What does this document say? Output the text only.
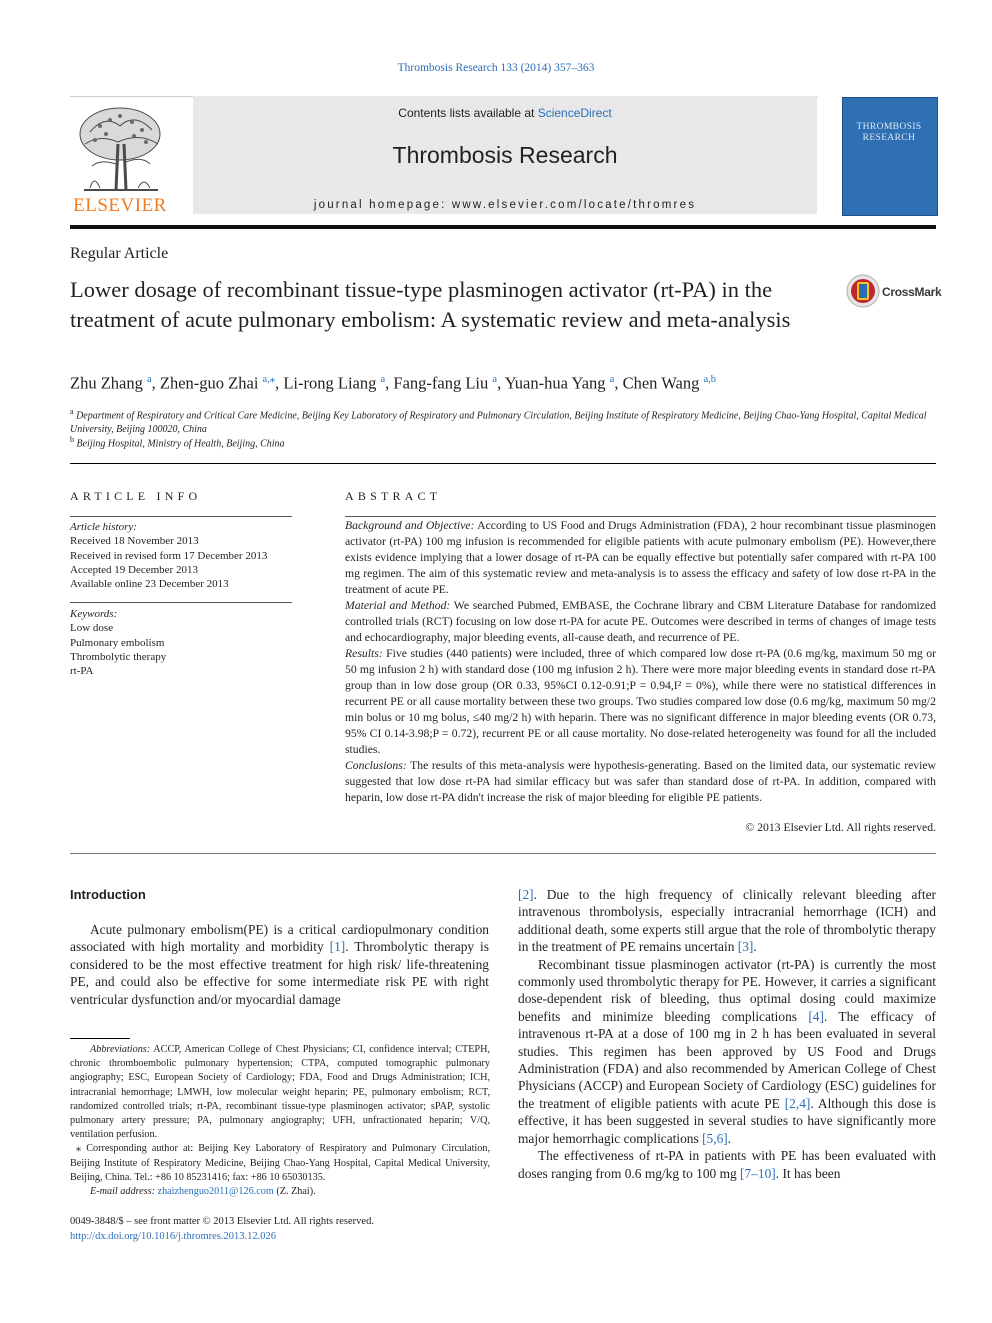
Thrombosis Research 133 (2014) 357–363
Contents lists available at ScienceDirect
Thrombosis Research
journal homepage: www.elsevier.com/locate/thromres
ELSEVIER
THROMBOSIS RESEARCH
Regular Article
Lower dosage of recombinant tissue-type plasminogen activator (rt-PA) in the treatment of acute pulmonary embolism: A systematic review and meta-analysis
CrossMark
Zhu Zhang $^a$, Zhen-guo Zhai $^{a,⁎}$, Li-rong Liang $^a$, Fang-fang Liu $^a$, Yuan-hua Yang $^a$, Chen Wang $^{a,b}$
$^a$ Department of Respiratory and Critical Care Medicine, Beijing Key Laboratory of Respiratory and Pulmonary Circulation, Beijing Institute of Respiratory Medicine, Beijing Chao-Yang Hospital, Capital Medical University, Beijing 100020, China
$^b$ Beijing Hospital, Ministry of Health, Beijing, China
ARTICLE INFO
Article history:
Received 18 November 2013
Received in revised form 17 December 2013
Accepted 19 December 2013
Available online 23 December 2013
Keywords:
Low dose
Pulmonary embolism
Thrombolytic therapy
rt-PA
ABSTRACT

Background and Objective: According to US Food and Drugs Administration (FDA), 2 hour recombinant tissue plasminogen activator (rt-PA) 100 mg infusion is recommended for eligible patients with acute pulmonary embolism (PE). However,there exists evidence implying that a lower dosage of rt-PA can be equally effective but potentially safer compared with rt-PA 100 mg regimen. The aim of this systematic review and meta-analysis is to assess the efficacy and safety of low dose rt-PA in the treatment of acute PE.

Material and Method: We searched Pubmed, EMBASE, the Cochrane library and CBM Literature Database for randomized controlled trials (RCT) focusing on low dose rt-PA for acute PE. Outcomes were described in terms of changes of image tests and echocardiography, major bleeding events, all-cause death, and recurrence of PE.

Results: Five studies (440 patients) were included, three of which compared low dose rt-PA (0.6 mg/kg, maximum 50 mg or 50 mg infusion 2 h) with standard dose (100 mg infusion 2 h). There were more major bleeding events in standard dose rt-PA group than in low dose group (OR 0.33, 95%CI 0.12-0.91;P = 0.94,I² = 0%), while there were no statistical differences in recurrent PE or all cause mortality between these two groups. Two studies compared low dose (0.6 mg/kg, maximum 50 mg/2 min bolus or 10 mg bolus, ≤40 mg/2 h) with heparin. There was no significant difference in major bleeding events (OR 0.73, 95% CI 0.14-3.98;P = 0.72), recurrent PE or all cause mortality. No dose-related heterogeneity was found for all the included studies.

Conclusions: The results of this meta-analysis were hypothesis-generating. Based on the limited data, our systematic review suggested that low dose rt-PA had similar efficacy but was safer than standard dose of rt-PA. In addition, compared with heparin, low dose rt-PA didn't increase the risk of major bleeding for eligible PE patients.

© 2013 Elsevier Ltd. All rights reserved.
Introduction

Acute pulmonary embolism(PE) is a critical cardiopulmonary condition associated with high mortality and morbidity [1]. Thrombolytic therapy is considered to be the most effective treatment for high risk/ life-threatening PE, and could also be effective for some intermediate risk PE with right ventricular dysfunction and/or myocardial damage

Abbreviations: ACCP, American College of Chest Physicians; CI, confidence interval; CTEPH, chronic thromboembolic pulmonary hypertension; CTPA, computed tomographic pulmonary angiography; ESC, European Society of Cardiology; FDA, Food and Drugs Administration; ICH, intracranial hemorrhage; LMWH, low molecular weight heparin; PE, pulmonary embolism; RCT, randomized controlled trials; rt-PA, recombinant tissue-type plasminogen activator; sPAP, systolic pulmonary artery pressure; PA, pulmonary angiography; UFH, unfractionated heparin; V/Q, ventilation perfusion.

⁎ Corresponding author at: Beijing Key Laboratory of Respiratory and Pulmonary Circulation, Beijing Institute of Respiratory Medicine, Beijing Chao-Yang Hospital, Capital Medical University, Beijing, China. Tel.: +86 10 85231416; fax: +86 10 65030135.

E-mail address: zhaizhenguo2011@126.com (Z. Zhai).

0049-3848/$ – see front matter © 2013 Elsevier Ltd. All rights reserved.
http://dx.doi.org/10.1016/j.thromres.2013.12.026

[2]. Due to the high frequency of clinically relevant bleeding after intravenous thrombolysis, especially intracranial hemorrhage (ICH) and additional death, some experts still argue that the role of thrombolytic therapy in the treatment of PE remains uncertain [3].

Recombinant tissue plasminogen activator (rt-PA) is currently the most commonly used thrombolytic therapy for PE. However, it carries a significant dose-dependent risk of bleeding, thus optimal dosing could maximize benefits and minimize bleeding complications [4]. The efficacy of intravenous rt-PA at a dose of 100 mg in 2 h has been evaluated in several studies. This regimen has been approved by US Food and Drugs Administration (FDA) and also recommended by American College of Chest Physicians (ACCP) and European Society of Cardiology (ESC) guidelines for the treatment of eligible patients with acute PE [2,4]. Although this dose is effective, it has been suggested in several studies to have significantly more major hemorrhagic complications [5,6].

The effectiveness of rt-PA in patients with PE has been evaluated with doses ranging from 0.6 mg/kg to 100 mg [7–10]. It has been
